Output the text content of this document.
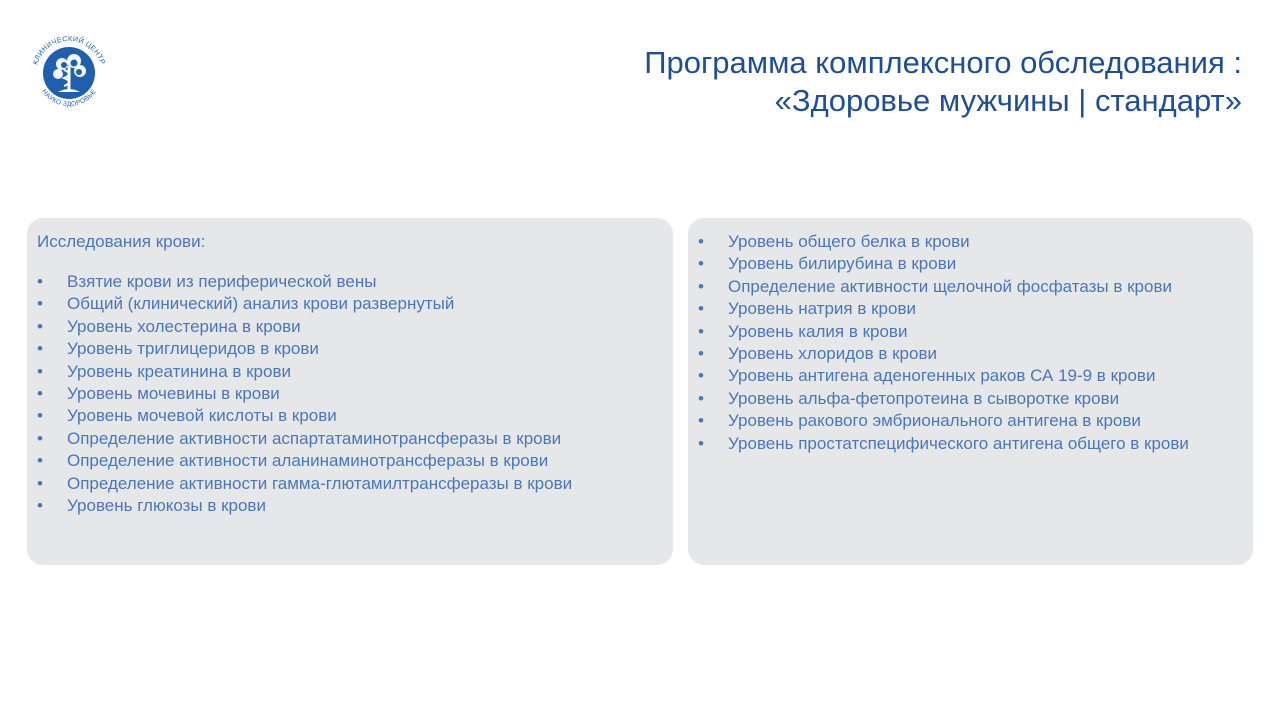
КЛИНИЧЕСКИЙ ЦЕНТР
НАУКО ЗДОРОВЬЕ
Программа комплексного обследования :
«Здоровье мужчины | стандарт»
Исследования крови:
•	Взятие крови из периферической вены
•	Общий (клинический) анализ крови развернутый
•	Уровень холестерина в крови
•	Уровень триглицеридов в крови
•	Уровень креатинина в крови
•	Уровень мочевины в крови
•	Уровень мочевой кислоты в крови
•	Определение активности аспартатаминотрансферазы в крови
•	Определение активности аланинаминотрансферазы в крови
•	Определение активности гамма-глютамилтрансферазы в крови
•	Уровень глюкозы в крови
•	Уровень общего белка в крови
•	Уровень билирубина в крови
•	Определение активности щелочной фосфатазы в крови
•	Уровень натрия в крови
•	Уровень калия в крови
•	Уровень хлоридов в крови
•	Уровень антигена аденогенных раков СА 19-9 в крови
•	Уровень альфа-фетопротеина в сыворотке крови
•	Уровень ракового эмбрионального антигена в крови
•	Уровень простатспецифического антигена общего в крови
